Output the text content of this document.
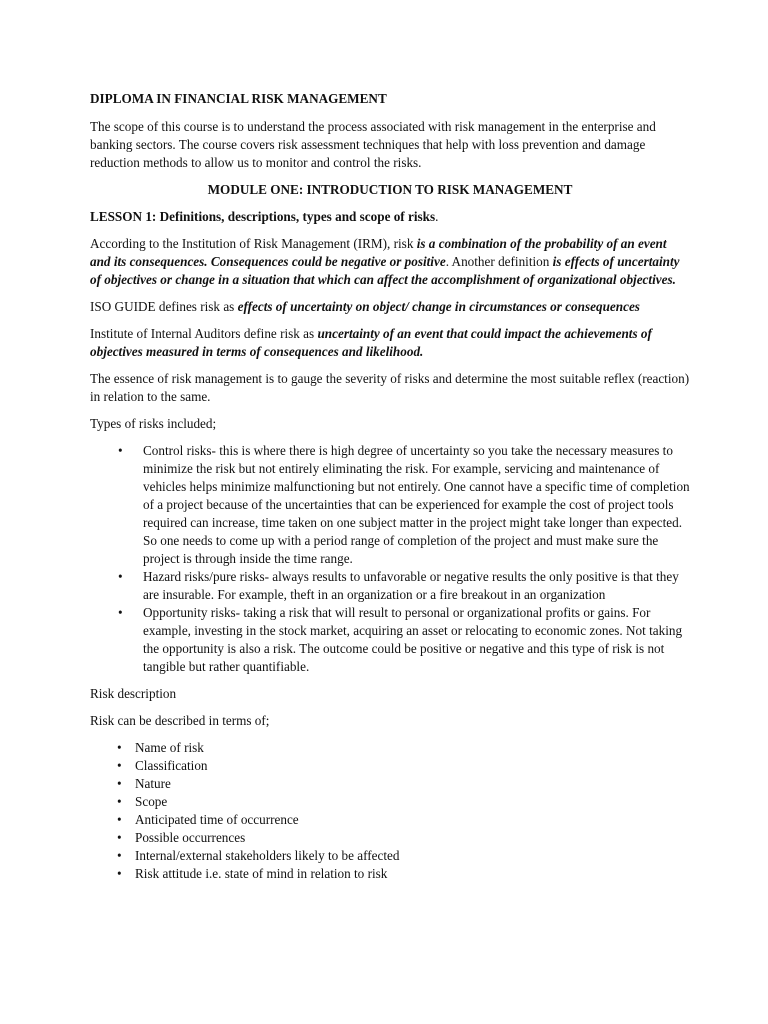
DIPLOMA IN FINANCIAL RISK MANAGEMENT

The scope of this course is to understand the process associated with risk management in the enterprise and banking sectors. The course covers risk assessment techniques that help with loss prevention and damage reduction methods to allow us to monitor and control the risks.

MODULE ONE: INTRODUCTION TO RISK MANAGEMENT

LESSON 1: Definitions, descriptions, types and scope of risks.

According to the Institution of Risk Management (IRM), risk is a combination of the probability of an event and its consequences. Consequences could be negative or positive. Another definition is effects of uncertainty of objectives or change in a situation that which can affect the accomplishment of organizational objectives.

ISO GUIDE defines risk as effects of uncertainty on object/ change in circumstances or consequences

Institute of Internal Auditors define risk as uncertainty of an event that could impact the achievements of objectives measured in terms of consequences and likelihood.

The essence of risk management is to gauge the severity of risks and determine the most suitable reflex (reaction) in relation to the same.

Types of risks included;

• Control risks- this is where there is high degree of uncertainty so you take the necessary measures to minimize the risk but not entirely eliminating the risk. For example, servicing and maintenance of vehicles helps minimize malfunctioning but not entirely. One cannot have a specific time of completion of a project because of the uncertainties that can be experienced for example the cost of project tools required can increase, time taken on one subject matter in the project might take longer than expected. So one needs to come up with a period range of completion of the project and must make sure the project is through inside the time range.
• Hazard risks/pure risks- always results to unfavorable or negative results the only positive is that they are insurable. For example, theft in an organization or a fire breakout in an organization
• Opportunity risks- taking a risk that will result to personal or organizational profits or gains. For example, investing in the stock market, acquiring an asset or relocating to economic zones. Not taking the opportunity is also a risk. The outcome could be positive or negative and this type of risk is not tangible but rather quantifiable.

Risk description

Risk can be described in terms of;

• Name of risk
• Classification
• Nature
• Scope
• Anticipated time of occurrence
• Possible occurrences
• Internal/external stakeholders likely to be affected
• Risk attitude i.e. state of mind in relation to risk
